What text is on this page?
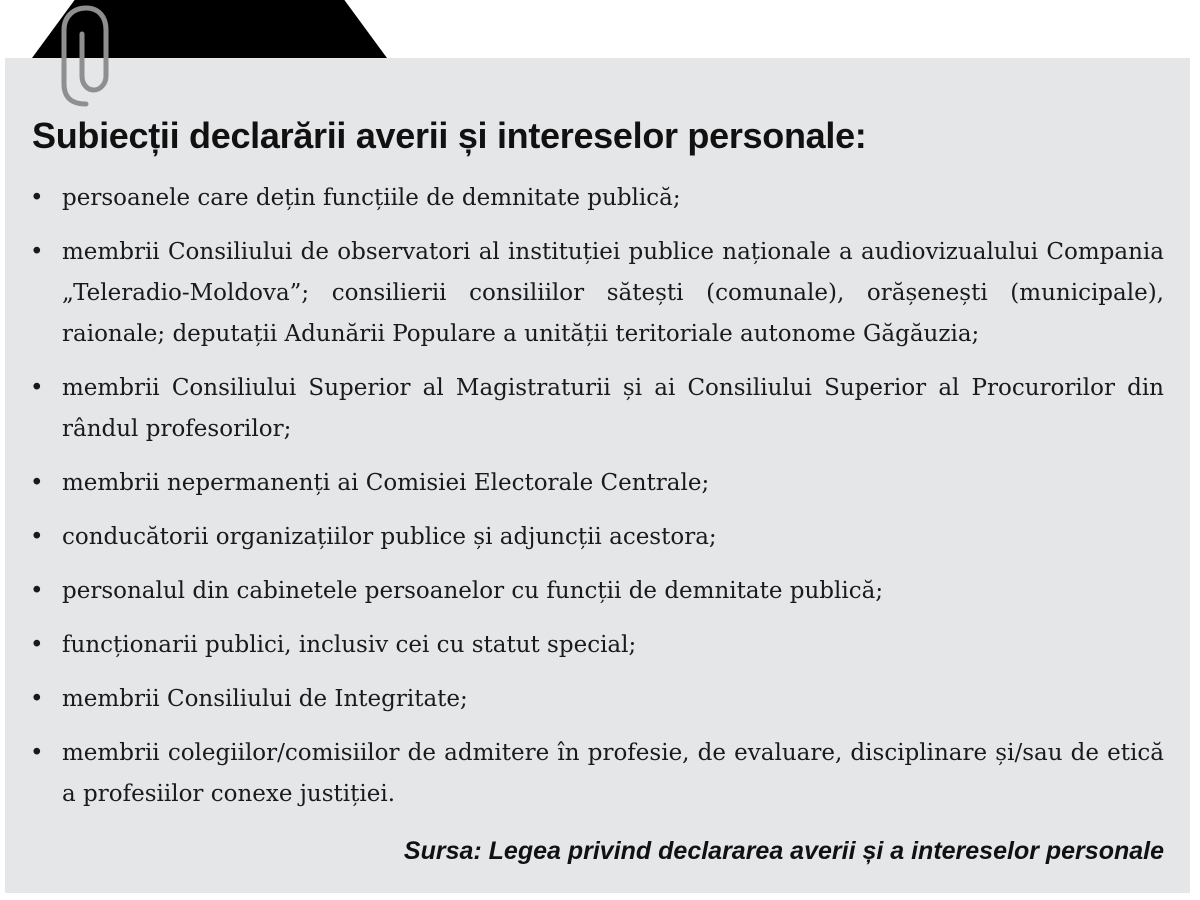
Subiecții declarării averii și intereselor personale:
• persoanele care dețin funcțiile de demnitate publică;
• membrii Consiliului de observatori al instituției publice naționale a audiovizualului Compania „Teleradio-Moldova”; consilierii consiliilor sătești (comunale), orășenești (municipale), raionale; deputații Adunării Populare a unității teritoriale autonome Găgăuzia;
• membrii Consiliului Superior al Magistraturii și ai Consiliului Superior al Procurorilor din rândul profesorilor;
• membrii nepermanenți ai Comisiei Electorale Centrale;
• conducătorii organizațiilor publice și adjuncții acestora;
• personalul din cabinetele persoanelor cu funcții de demnitate publică;
• funcționarii publici, inclusiv cei cu statut special;
• membrii Consiliului de Integritate;
• membrii colegiilor/comisiilor de admitere în profesie, de evaluare, disciplinare și/sau de etică a profesiilor conexe justiției.
Sursa: Legea privind declararea averii și a intereselor personale
